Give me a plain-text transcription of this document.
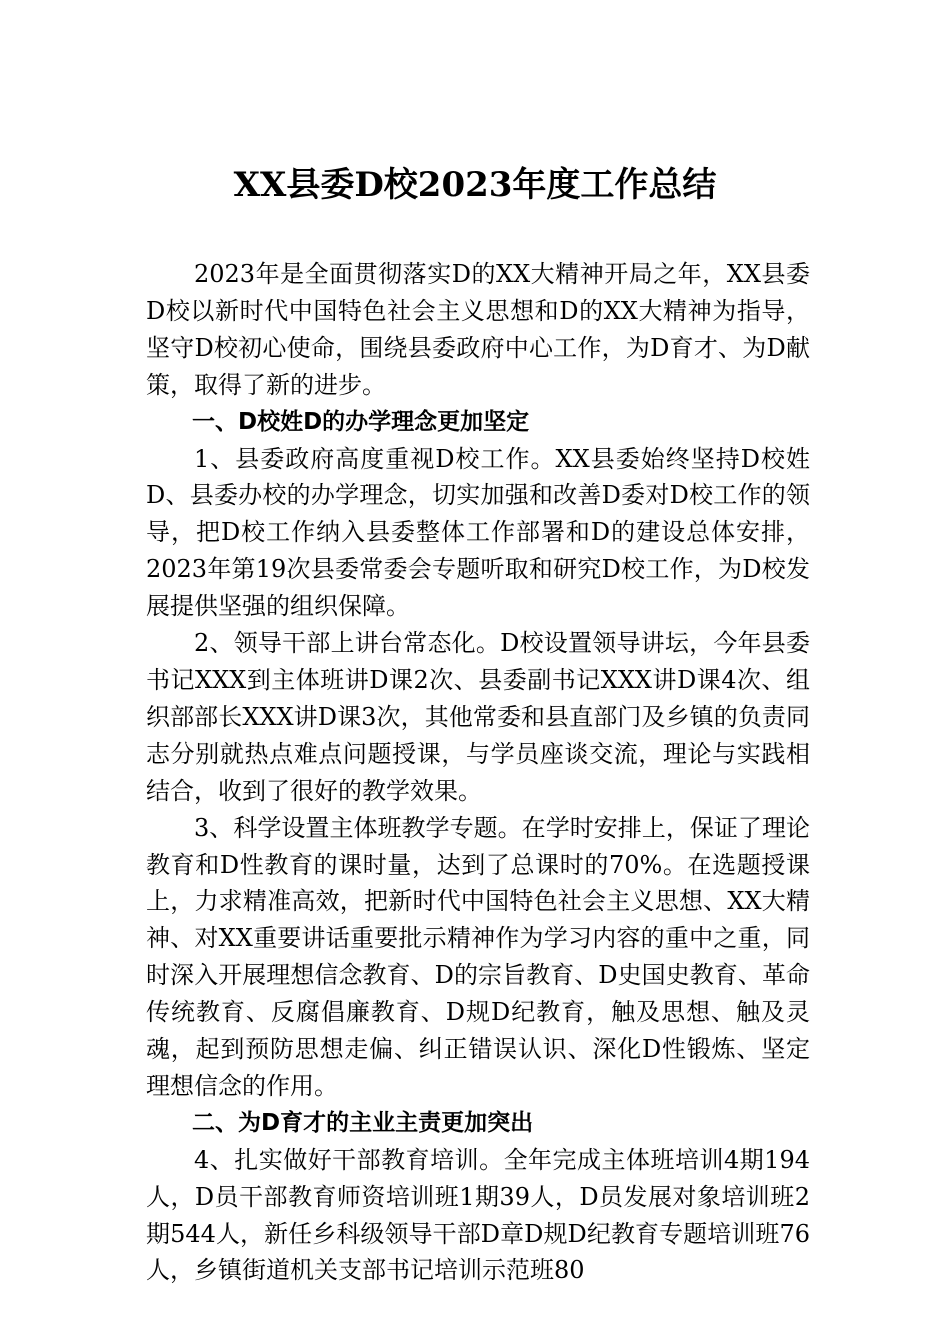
XX县委D校2023年度工作总结

2023年是全面贯彻落实D的XX大精神开局之年，XX县委D校以新时代中国特色社会主义思想和D的XX大精神为指导，坚守D校初心使命，围绕县委政府中心工作，为D育才、为D献策，取得了新的进步。

一、D校姓D的办学理念更加坚定

1、县委政府高度重视D校工作。XX县委始终坚持D校姓D、县委办校的办学理念，切实加强和改善D委对D校工作的领导，把D校工作纳入县委整体工作部署和D的建设总体安排，2023年第19次县委常委会专题听取和研究D校工作，为D校发展提供坚强的组织保障。

2、领导干部上讲台常态化。D校设置领导讲坛，今年县委书记XXX到主体班讲D课2次、县委副书记XXX讲D课4次、组织部部长XXX讲D课3次，其他常委和县直部门及乡镇的负责同志分别就热点难点问题授课，与学员座谈交流，理论与实践相结合，收到了很好的教学效果。

3、科学设置主体班教学专题。在学时安排上，保证了理论教育和D性教育的课时量，达到了总课时的70%。在选题授课上，力求精准高效，把新时代中国特色社会主义思想、XX大精神、对XX重要讲话重要批示精神作为学习内容的重中之重，同时深入开展理想信念教育、D的宗旨教育、D史国史教育、革命传统教育、反腐倡廉教育、D规D纪教育，触及思想、触及灵魂，起到预防思想走偏、纠正错误认识、深化D性锻炼、坚定理想信念的作用。

二、为D育才的主业主责更加突出

4、扎实做好干部教育培训。全年完成主体班培训4期194人，D员干部教育师资培训班1期39人，D员发展对象培训班2期544人，新任乡科级领导干部D章D规D纪教育专题培训班76人，乡镇街道机关支部书记培训示范班80
